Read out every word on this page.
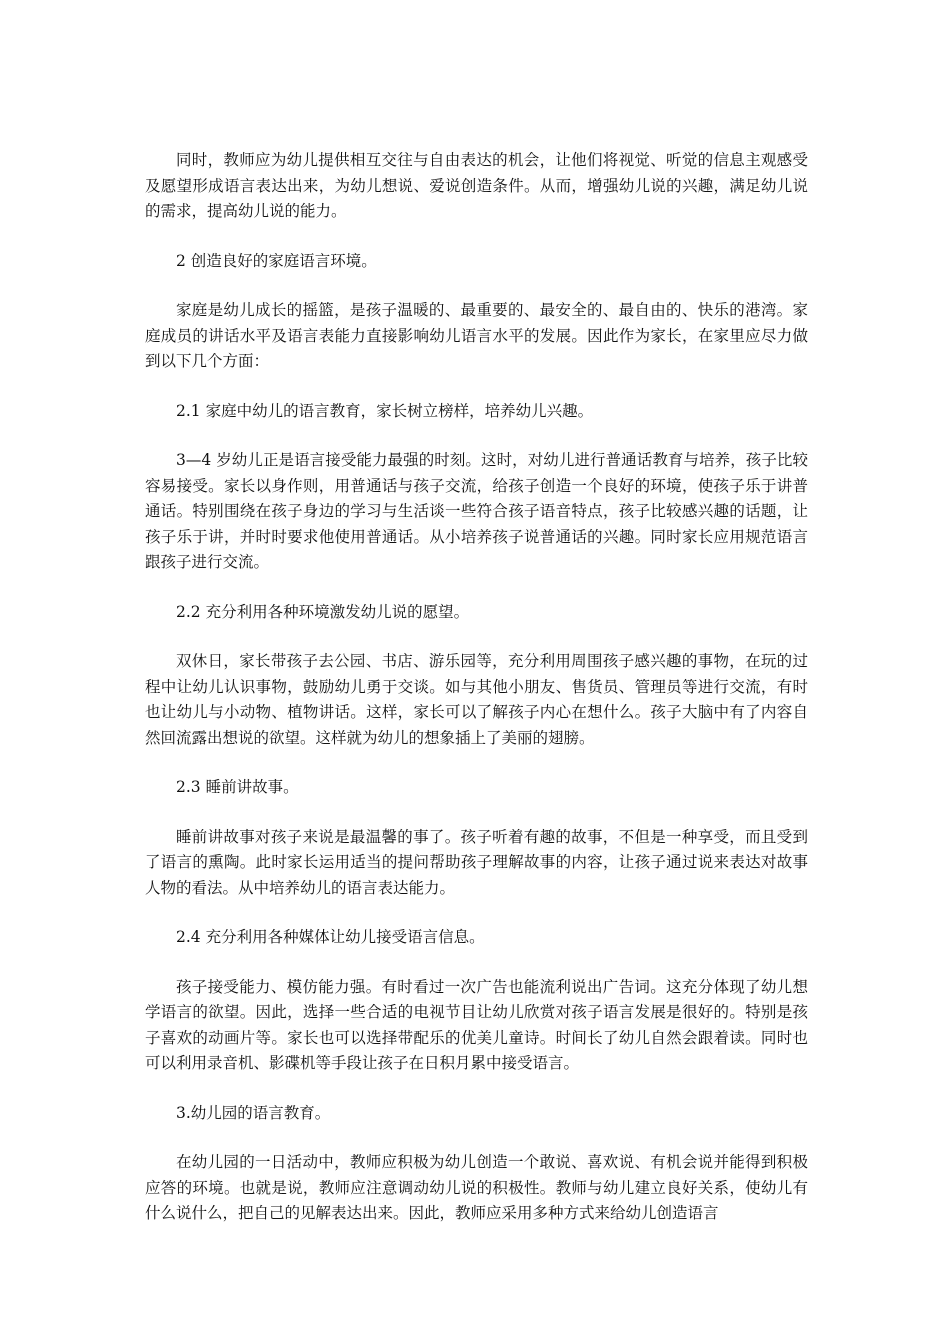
同时，教师应为幼儿提供相互交往与自由表达的机会，让他们将视觉、听觉的信息主观感受及愿望形成语言表达出来，为幼儿想说、爱说创造条件。从而，增强幼儿说的兴趣，满足幼儿说的需求，提高幼儿说的能力。

2 创造良好的家庭语言环境。

家庭是幼儿成长的摇篮，是孩子温暖的、最重要的、最安全的、最自由的、快乐的港湾。家庭成员的讲话水平及语言表能力直接影响幼儿语言水平的发展。因此作为家长，在家里应尽力做到以下几个方面：

2.1 家庭中幼儿的语言教育，家长树立榜样，培养幼儿兴趣。

3—4 岁幼儿正是语言接受能力最强的时刻。这时，对幼儿进行普通话教育与培养，孩子比较容易接受。家长以身作则，用普通话与孩子交流，给孩子创造一个良好的环境，使孩子乐于讲普通话。特别围绕在孩子身边的学习与生活谈一些符合孩子语音特点，孩子比较感兴趣的话题，让孩子乐于讲，并时时要求他使用普通话。从小培养孩子说普通话的兴趣。同时家长应用规范语言跟孩子进行交流。

2.2 充分利用各种环境激发幼儿说的愿望。

双休日，家长带孩子去公园、书店、游乐园等，充分利用周围孩子感兴趣的事物，在玩的过程中让幼儿认识事物，鼓励幼儿勇于交谈。如与其他小朋友、售货员、管理员等进行交流，有时也让幼儿与小动物、植物讲话。这样，家长可以了解孩子内心在想什么。孩子大脑中有了内容自然回流露出想说的欲望。这样就为幼儿的想象插上了美丽的翅膀。

2.3 睡前讲故事。

睡前讲故事对孩子来说是最温馨的事了。孩子听着有趣的故事，不但是一种享受，而且受到了语言的熏陶。此时家长运用适当的提问帮助孩子理解故事的内容，让孩子通过说来表达对故事人物的看法。从中培养幼儿的语言表达能力。

2.4 充分利用各种媒体让幼儿接受语言信息。

孩子接受能力、模仿能力强。有时看过一次广告也能流利说出广告词。这充分体现了幼儿想学语言的欲望。因此，选择一些合适的电视节目让幼儿欣赏对孩子语言发展是很好的。特别是孩子喜欢的动画片等。家长也可以选择带配乐的优美儿童诗。时间长了幼儿自然会跟着读。同时也可以利用录音机、影碟机等手段让孩子在日积月累中接受语言。

3.幼儿园的语言教育。

在幼儿园的一日活动中，教师应积极为幼儿创造一个敢说、喜欢说、有机会说并能得到积极应答的环境。也就是说，教师应注意调动幼儿说的积极性。教师与幼儿建立良好关系，使幼儿有什么说什么，把自己的见解表达出来。因此，教师应采用多种方式来给幼儿创造语言
